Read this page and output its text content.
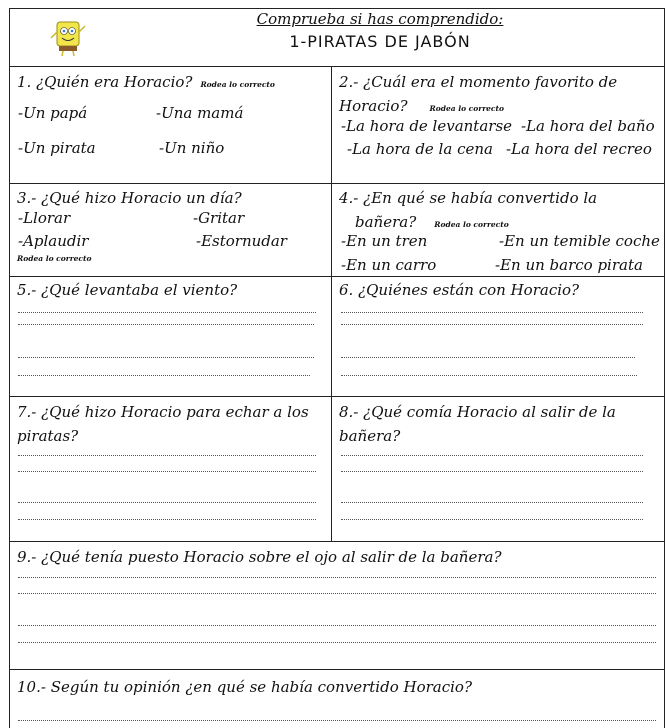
Comprueba si has comprendido:
1-PIRATAS DE JABÓN
1. ¿Quién era Horacio? Rodea lo correcto
-Un papá	-Una mamá
-Un pirata	-Un niño
2.- ¿Cuál era el momento favorito de
Horacio?	Rodea lo correcto
-La hora de levantarse -La hora del baño
-La hora de la cena -La hora del recreo
3.- ¿Qué hizo Horacio un día?
-Llorar	-Gritar
-Aplaudir	-Estornudar
Rodea lo correcto
4.- ¿En qué se había convertido la
bañera? Rodea lo correcto
-En un tren	-En un temible coche
-En un carro	-En un barco pirata
5.- ¿Qué levantaba el viento?	6. ¿Quiénes están con Horacio?
7.- ¿Qué hizo Horacio para echar a los
piratas?
8.- ¿Qué comía Horacio al salir de la
bañera?
9.- ¿Qué tenía puesto Horacio sobre el ojo al salir de la bañera?
10.- Según tu opinión ¿en qué se había convertido Horacio?
